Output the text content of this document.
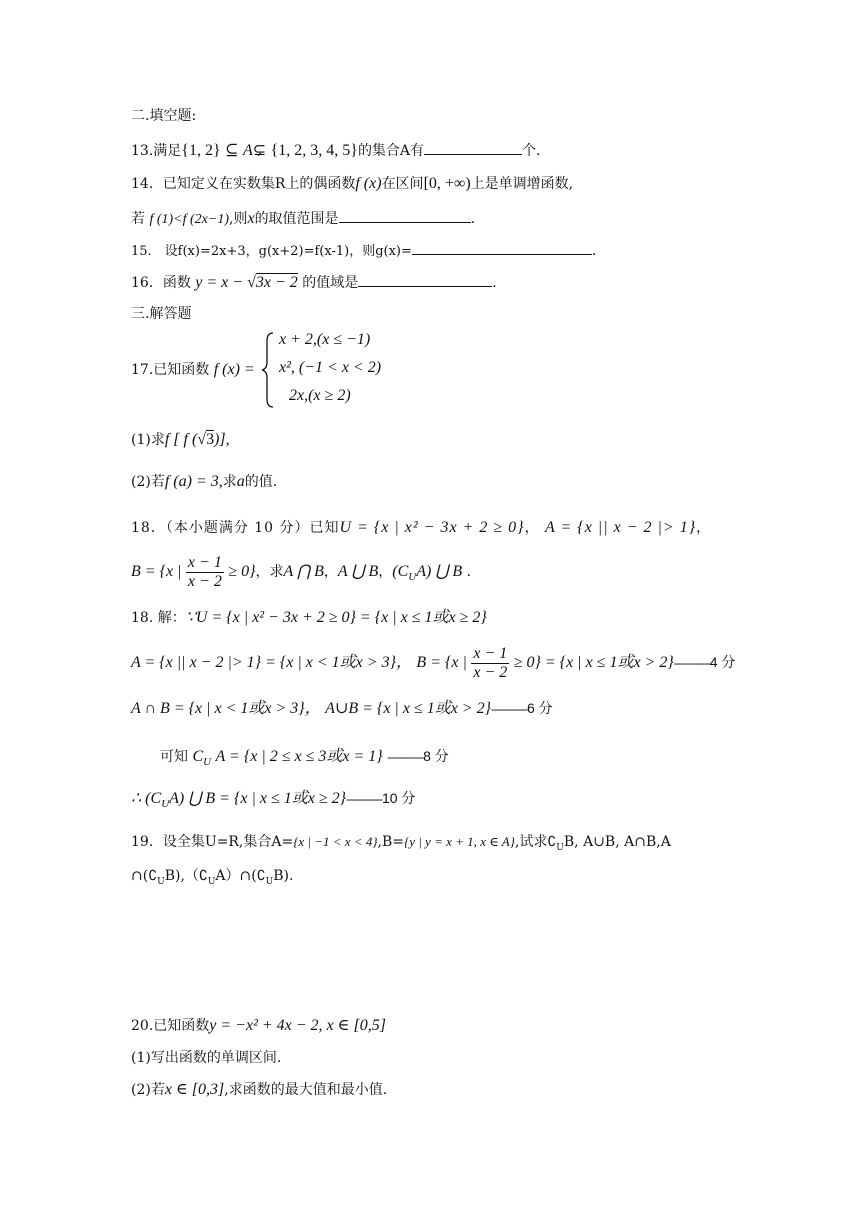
二.填空题:
13.满足{1, 2} ⊆ A⊊ {1, 2, 3, 4, 5}的集合A有	个.
14．已知定义在实数集R上的偶函数f (x)在区间[0, +∞)上是单调增函数,
若 f (1)<f (2x−1),则x的取值范围是	.
15.　设f(x)=2x+3，g(x+2)=f(x-1)，则g(x)=	.
16．函数 y = x − √3x − 2 的值域是	.
三.解答题
17.已知函数 f (x) =
x + 2,(x ≤ −1)
x², (−1 < x < 2)
2x,(x ≥ 2)
(1)求f [ f (√3)],
(2)若f (a) = 3,求a的值.
18．（本小题满分 10 分）已知U = {x | x² − 3x + 2 ≥ 0}， A = {x || x − 2 |> 1}，
B = {x | $\frac{x - 1}{x - 2} \ge 0$}，求A ⋂ B，A ⋃ B，$(C_UA)$ ⋃ B .
18. 解：∵U = {x | x² − 3x + 2 ≥ 0} = {x | x ≤ 1或x ≥ 2}
A = {x || x − 2 |> 1} = {x | x < 1或x > 3}， B = {x | $\frac{x - 1}{x - 2} \ge 0\} = \{x$ | x ≤ 1或x > 2}------------4 分
A ∩ B = {x | x < 1或x > 3}， A∪B = {x | x ≤ 1或x > 2}------------6 分
可知 $C_U$ A = {x | 2 ≤ x ≤ 3或x = 1} ------------8 分
∴ $(C_UA)$ ⋃ B = {x | x ≤ 1或x ≥ 2}------------10 分
19．设全集U=R,集合A={x | −1 < x < 4},B={y | y = x + 1, x ∈ A},试求$∁_UB$, A∪B, A∩B,A
$\cap(∁_UB),(∁_UA)\cap(∁_UB)$.
20.已知函数y = −x² + 4x − 2, x ∈ [0,5]
(1)写出函数的单调区间.
(2)若x ∈ [0,3],求函数的最大值和最小值.
